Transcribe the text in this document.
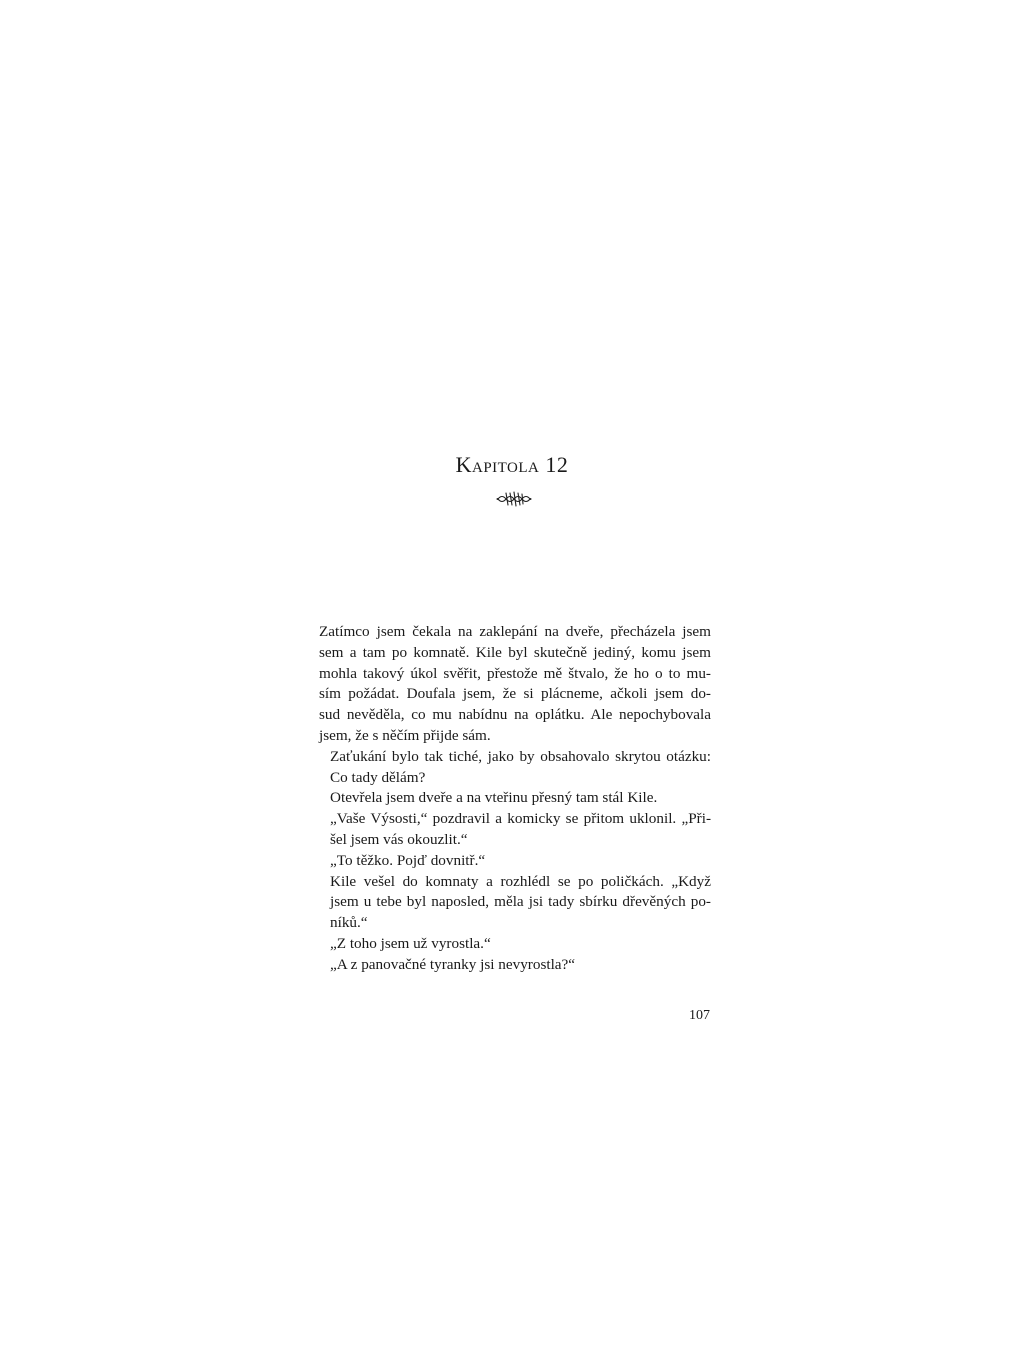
Kapitola 12

Zatímco jsem čekala na zaklepání na dveře, přecházela jsem
sem a tam po komnatě. Kile byl skutečně jediný, komu jsem
mohla takový úkol svěřit, přestože mě štvalo, že ho o to mu-
sím požádat. Doufala jsem, že si plácneme, ačkoli jsem do-
sud nevěděla, co mu nabídnu na oplátku. Ale nepochybovala
jsem, že s něčím přijde sám.

Zaťukání bylo tak tiché, jako by obsahovalo skrytou otázku:
Co tady dělám?

Otevřela jsem dveře a na vteřinu přesný tam stál Kile.

„Vaše Výsosti,“ pozdravil a komicky se přitom uklonil. „Při-
šel jsem vás okouzlit.“

„To těžko. Pojď dovnitř.“

Kile vešel do komnaty a rozhlédl se po poličkách. „Když
jsem u tebe byl naposled, měla jsi tady sbírku dřevěných po-
níků.“

„Z toho jsem už vyrostla.“

„A z panovačné tyranky jsi nevyrostla?“

107
